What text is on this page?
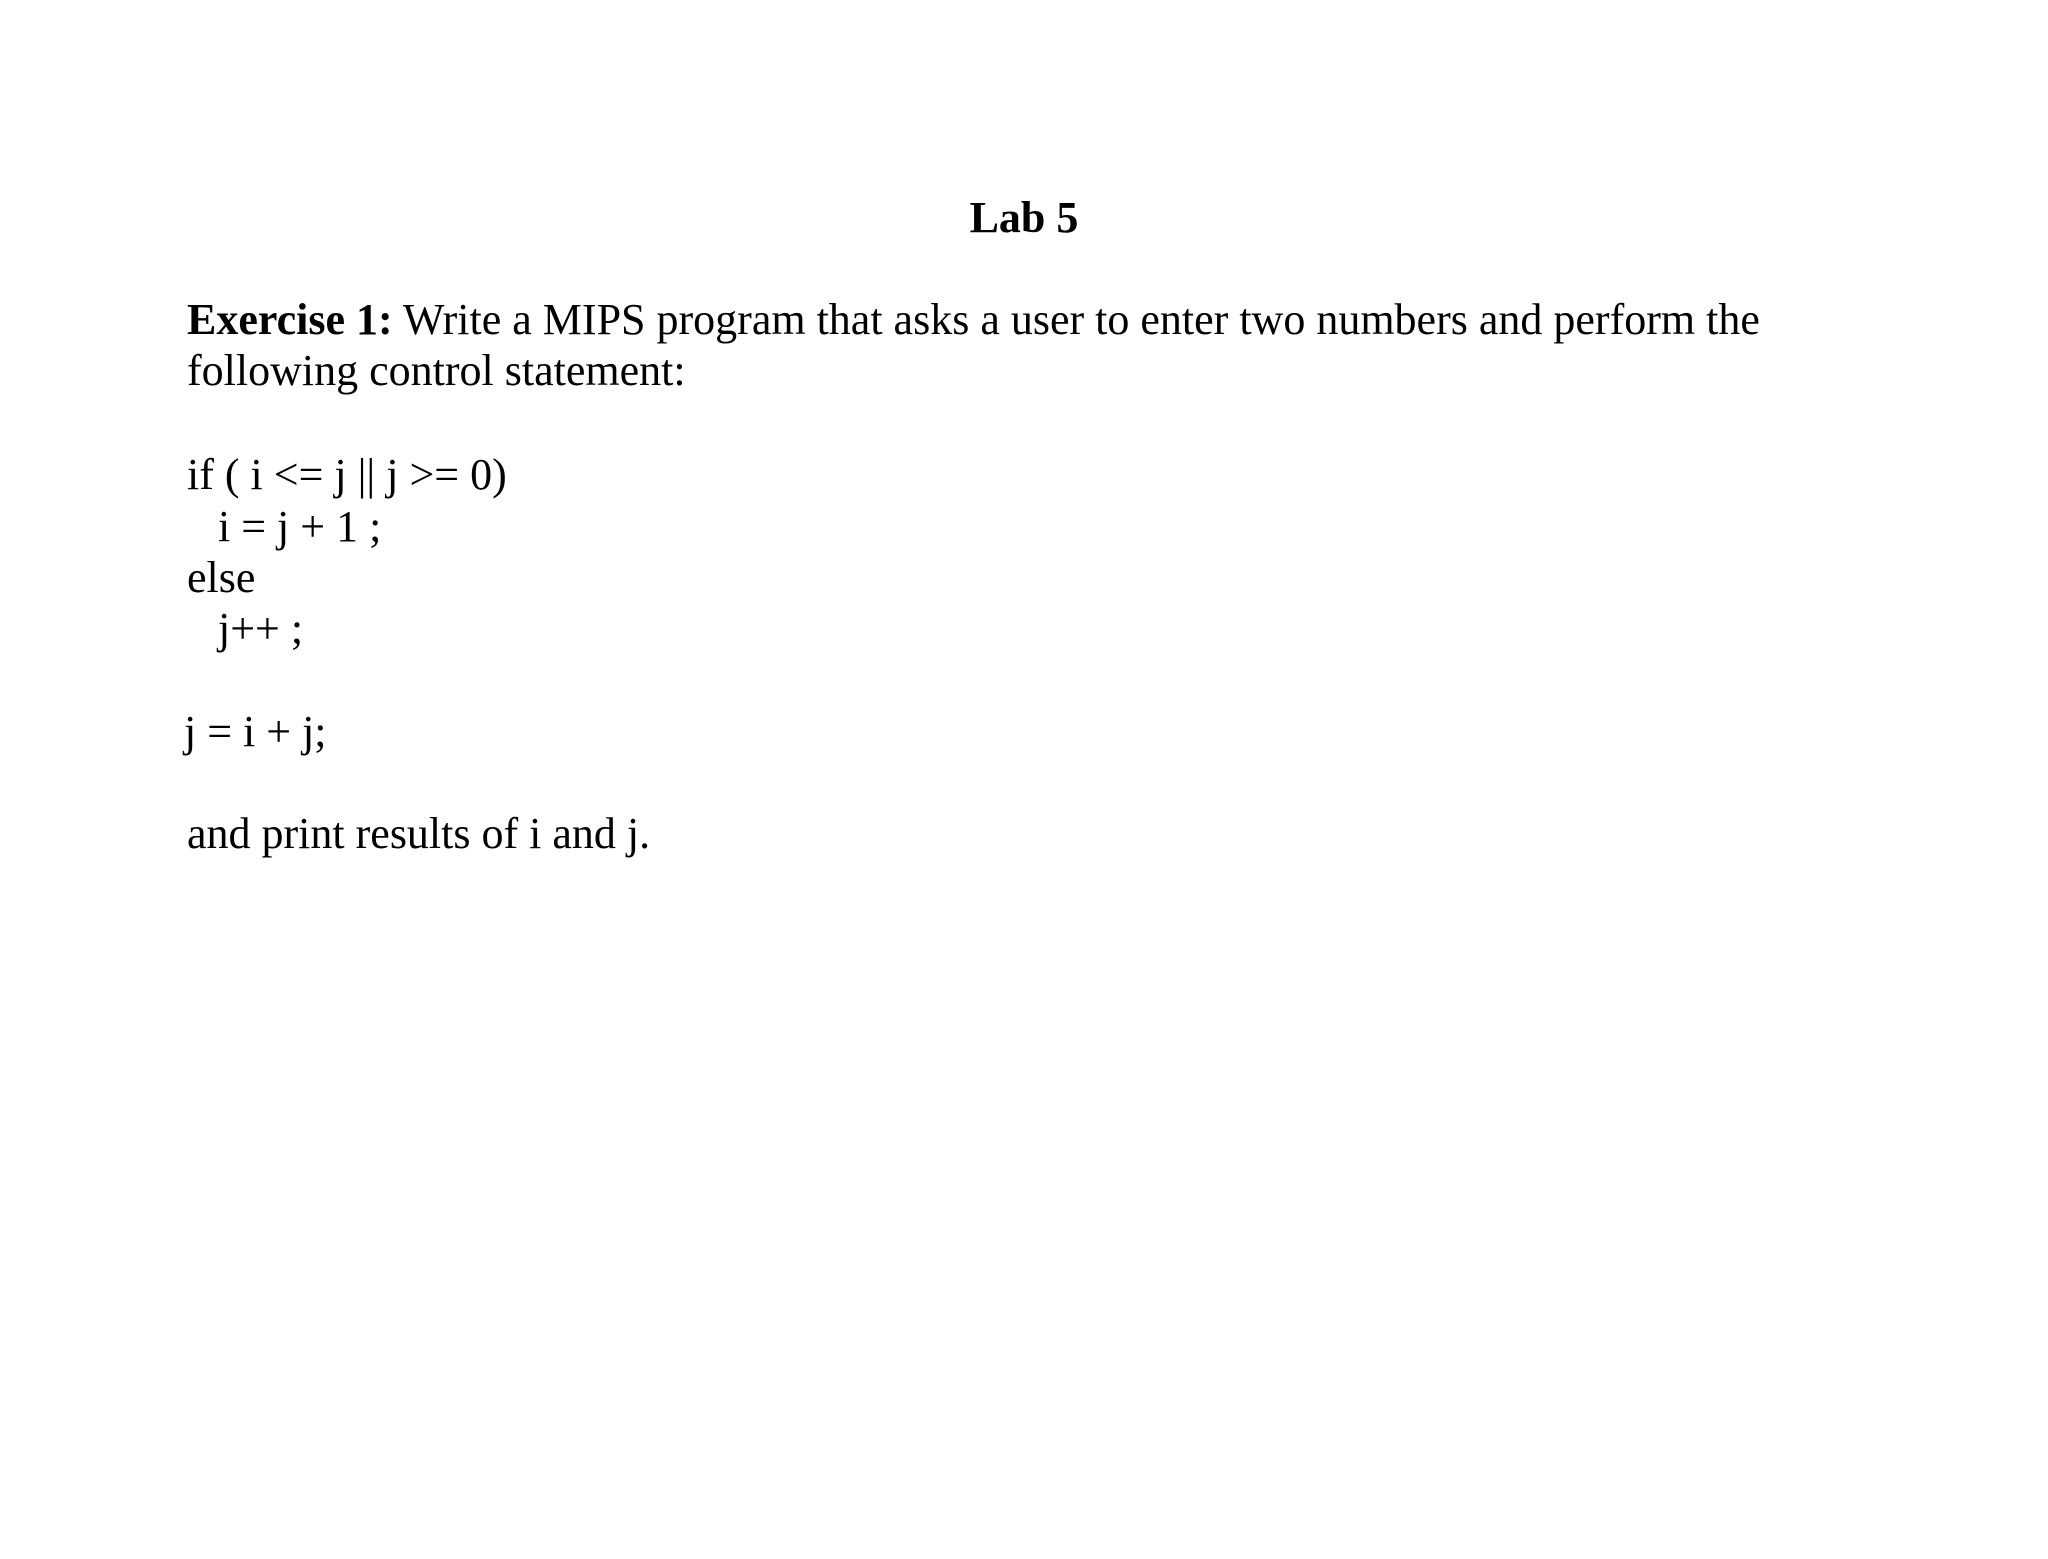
Lab 5
Exercise 1: Write a MIPS program that asks a user to enter two numbers and perform the following control statement:
if ( i <= j || j >= 0)
i = j + 1 ;
else
j++ ;
j = i + j;
and print results of i and j.
